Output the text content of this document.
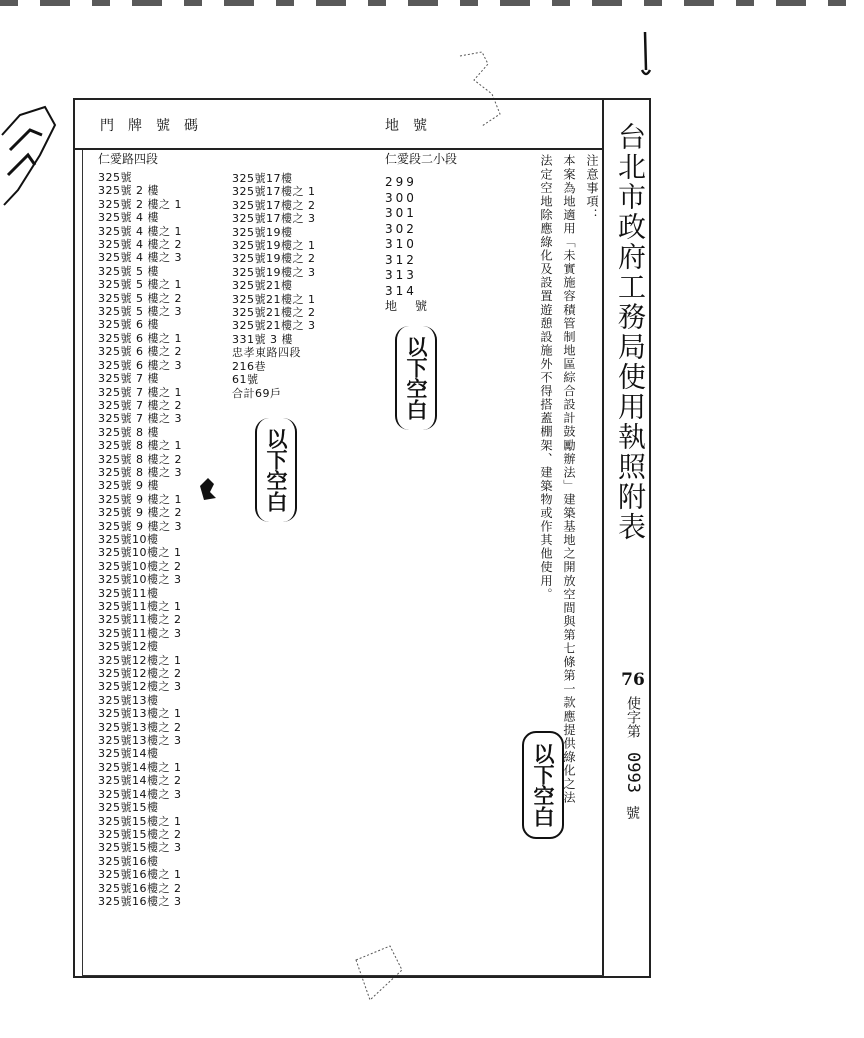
門牌號碼	地號
仁愛路四段
325號
325號 2 樓
325號 2 樓之 1
325號 4 樓
325號 4 樓之 1
325號 4 樓之 2
325號 4 樓之 3
325號 5 樓
325號 5 樓之 1
325號 5 樓之 2
325號 5 樓之 3
325號 6 樓
325號 6 樓之 1
325號 6 樓之 2
325號 6 樓之 3
325號 7 樓
325號 7 樓之 1
325號 7 樓之 2
325號 7 樓之 3
325號 8 樓
325號 8 樓之 1
325號 8 樓之 2
325號 8 樓之 3
325號 9 樓
325號 9 樓之 1
325號 9 樓之 2
325號 9 樓之 3
325號10樓
325號10樓之 1
325號10樓之 2
325號10樓之 3
325號11樓
325號11樓之 1
325號11樓之 2
325號11樓之 3
325號12樓
325號12樓之 1
325號12樓之 2
325號12樓之 3
325號13樓
325號13樓之 1
325號13樓之 2
325號13樓之 3
325號14樓
325號14樓之 1
325號14樓之 2
325號14樓之 3
325號15樓
325號15樓之 1
325號15樓之 2
325號15樓之 3
325號16樓
325號16樓之 1
325號16樓之 2
325號16樓之 3
325號17樓
325號17樓之 1
325號17樓之 2
325號17樓之 3
325號19樓
325號19樓之 1
325號19樓之 2
325號19樓之 3
325號21樓
325號21樓之 1
325號21樓之 2
325號21樓之 3
331號 3 樓
忠孝東路四段
216巷
61號
合計69戶
仁愛段二小段
299
300
301
302
310
312
313
314
地　號
以下空白
以下空白
以下空白
注意事項：
本案為地適用「未實施容積管制地區綜合設計鼓勵辦法」建築基地之開放空間與第七條第一款應提供綠化之法
法定空地除應綠化及設置遊憩設施外不得搭蓋棚架、建築物或作其他使用。 台北市政府工務局使用執照附表
76
使字第
0993
號
